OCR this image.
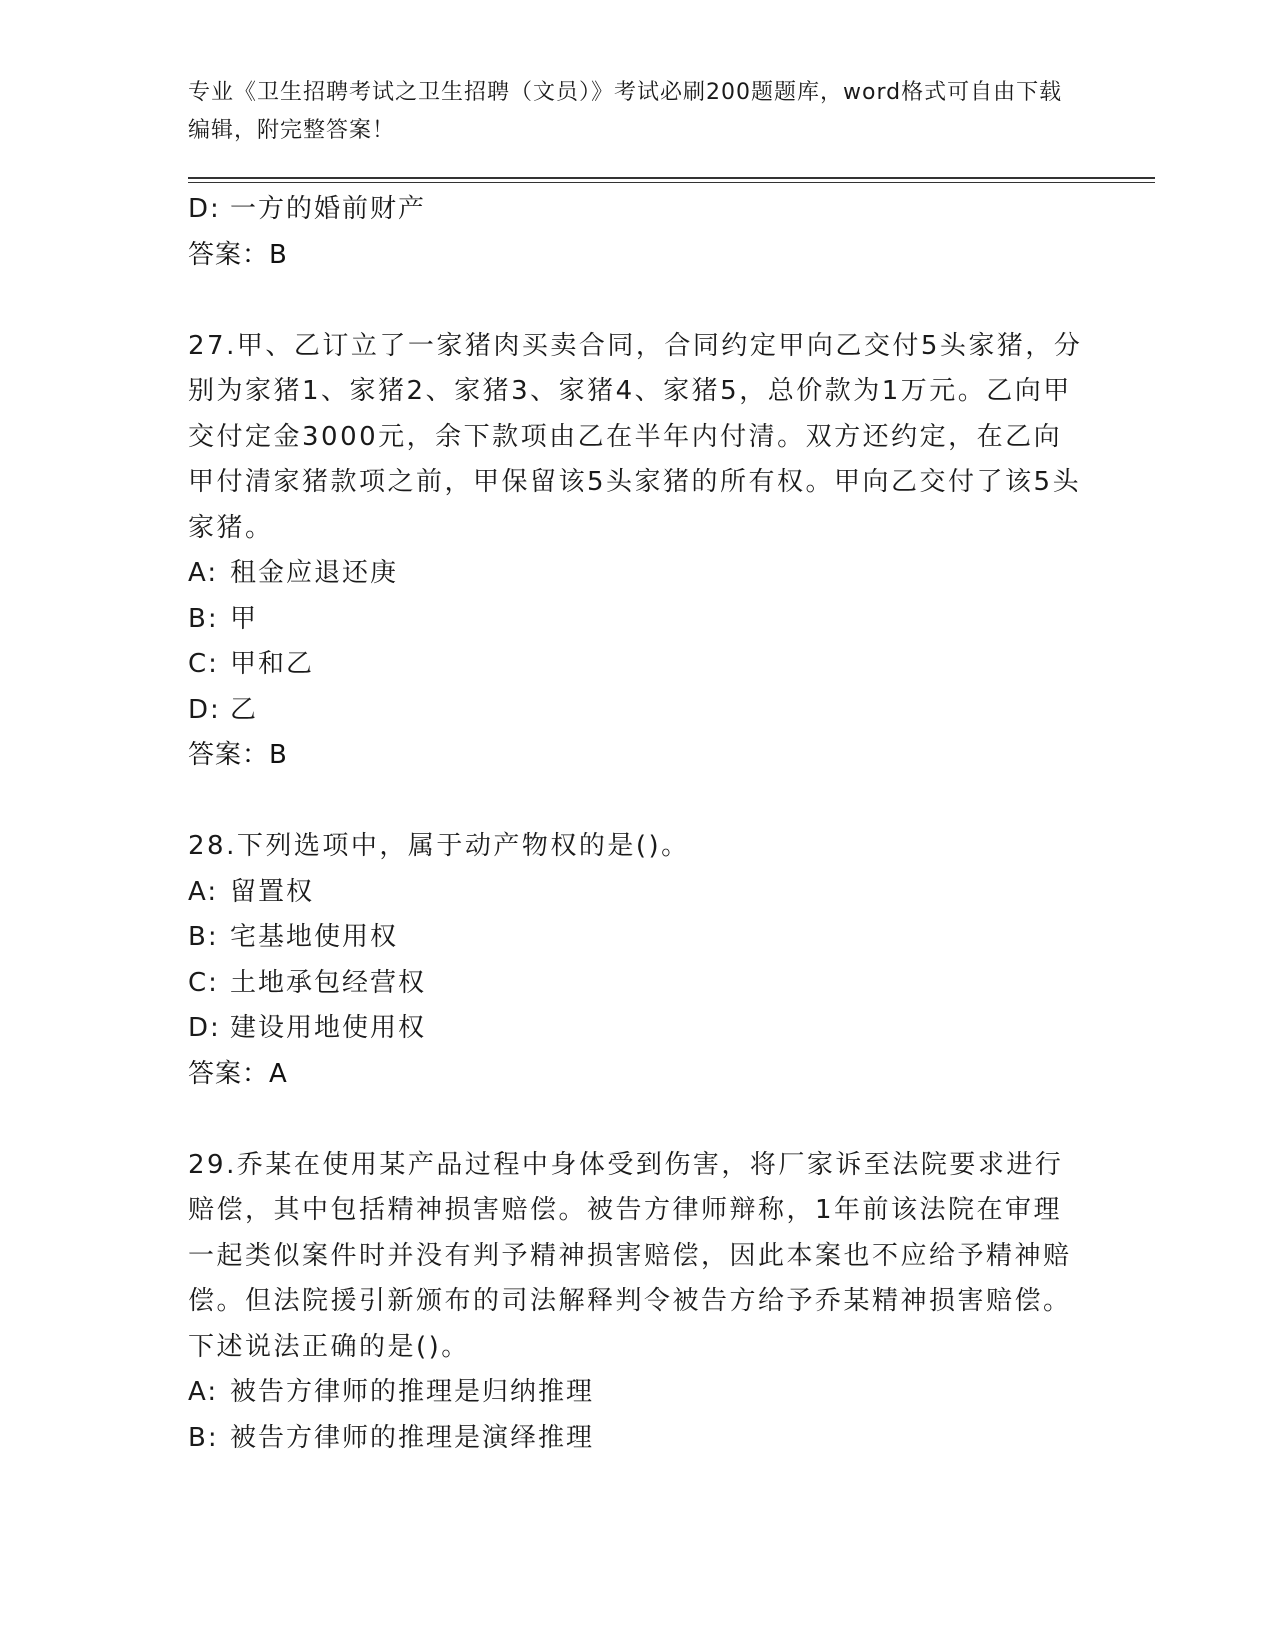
专业《卫生招聘考试之卫生招聘（文员）》考试必刷200题题库，word格式可自由下载编辑，附完整答案！
D: 一方的婚前财产
答案：B
27.甲、乙订立了一家猪肉买卖合同，合同约定甲向乙交付5头家猪，分别为家猪1、家猪2、家猪3、家猪4、家猪5，总价款为1万元。乙向甲交付定金3000元，余下款项由乙在半年内付清。双方还约定，在乙向甲付清家猪款项之前，甲保留该5头家猪的所有权。甲向乙交付了该5头家猪。
A: 租金应退还庚
B: 甲
C: 甲和乙
D: 乙
答案：B
28.下列选项中，属于动产物权的是()。
A: 留置权
B: 宅基地使用权
C: 土地承包经营权
D: 建设用地使用权
答案：A
29.乔某在使用某产品过程中身体受到伤害，将厂家诉至法院要求进行赔偿，其中包括精神损害赔偿。被告方律师辩称，1年前该法院在审理一起类似案件时并没有判予精神损害赔偿，因此本案也不应给予精神赔偿。但法院援引新颁布的司法解释判令被告方给予乔某精神损害赔偿。下述说法正确的是()。
A: 被告方律师的推理是归纳推理
B: 被告方律师的推理是演绎推理
